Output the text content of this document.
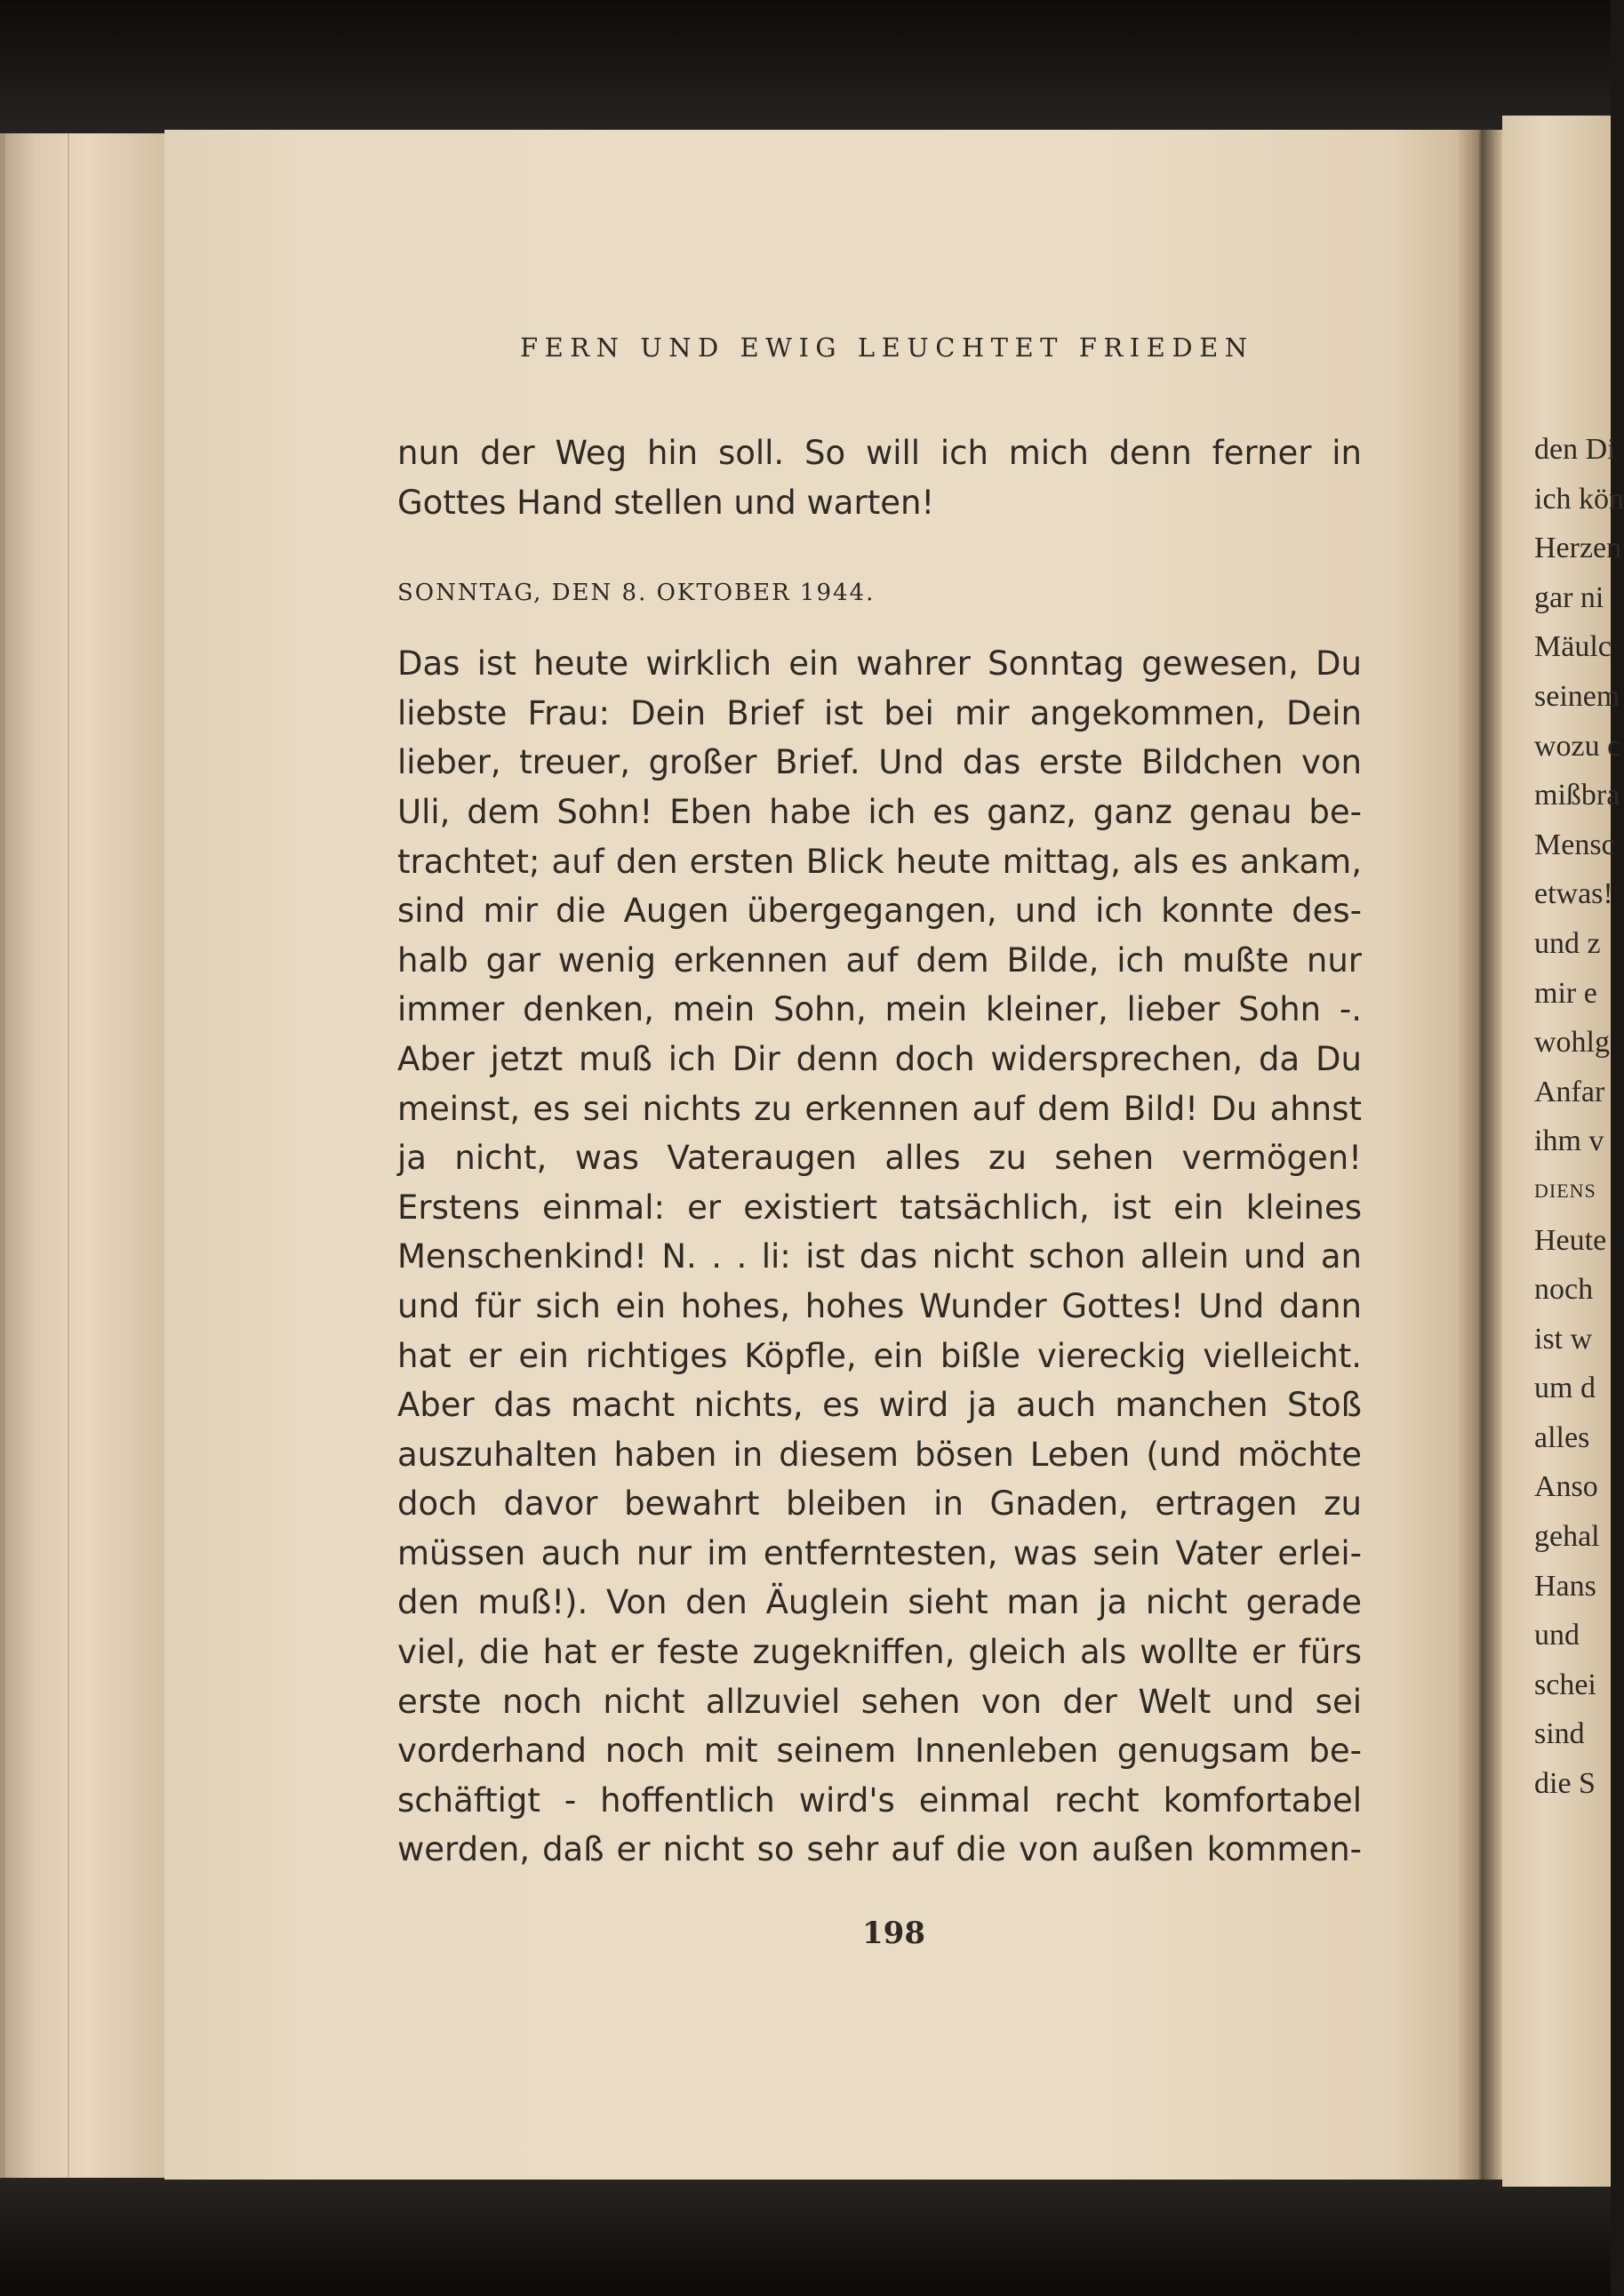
FERN UND EWIG LEUCHTET FRIEDEN
nun der Weg hin soll. So will ich mich denn ferner in
Gottes Hand stellen und warten!
SONNTAG, DEN 8. OKTOBER 1944.
Das ist heute wirklich ein wahrer Sonntag gewesen, Du
liebste Frau: Dein Brief ist bei mir angekommen, Dein
lieber, treuer, großer Brief. Und das erste Bildchen von
Uli, dem Sohn! Eben habe ich es ganz, ganz genau be-
trachtet; auf den ersten Blick heute mittag, als es ankam,
sind mir die Augen übergegangen, und ich konnte des-
halb gar wenig erkennen auf dem Bilde, ich mußte nur
immer denken, mein Sohn, mein kleiner, lieber Sohn -.
Aber jetzt muß ich Dir denn doch widersprechen, da Du
meinst, es sei nichts zu erkennen auf dem Bild! Du ahnst
ja nicht, was Vateraugen alles zu sehen vermögen!
Erstens einmal: er existiert tatsächlich, ist ein kleines
Menschenkind! N. . . li: ist das nicht schon allein und an
und für sich ein hohes, hohes Wunder Gottes! Und dann
hat er ein richtiges Köpfle, ein bißle viereckig vielleicht.
Aber das macht nichts, es wird ja auch manchen Stoß
auszuhalten haben in diesem bösen Leben (und möchte
doch davor bewahrt bleiben in Gnaden, ertragen zu
müssen auch nur im entferntesten, was sein Vater erlei-
den muß!). Von den Äuglein sieht man ja nicht gerade
viel, die hat er feste zugekniffen, gleich als wollte er fürs
erste noch nicht allzuviel sehen von der Welt und sei
vorderhand noch mit seinem Innenleben genugsam be-
schäftigt - hoffentlich wird's einmal recht komfortabel
werden, daß er nicht so sehr auf die von außen kommen-
198
den Di
ich kön
Herzen
gar ni
Mäulc
seinem
wozu c
mißbra
Mensc
etwas!
und z
mir e
wohlg
Anfar
ihm v
DIENS
Heute
noch
ist w
um d
alles
Anso
gehal
Hans
und
schei
sind
die S
